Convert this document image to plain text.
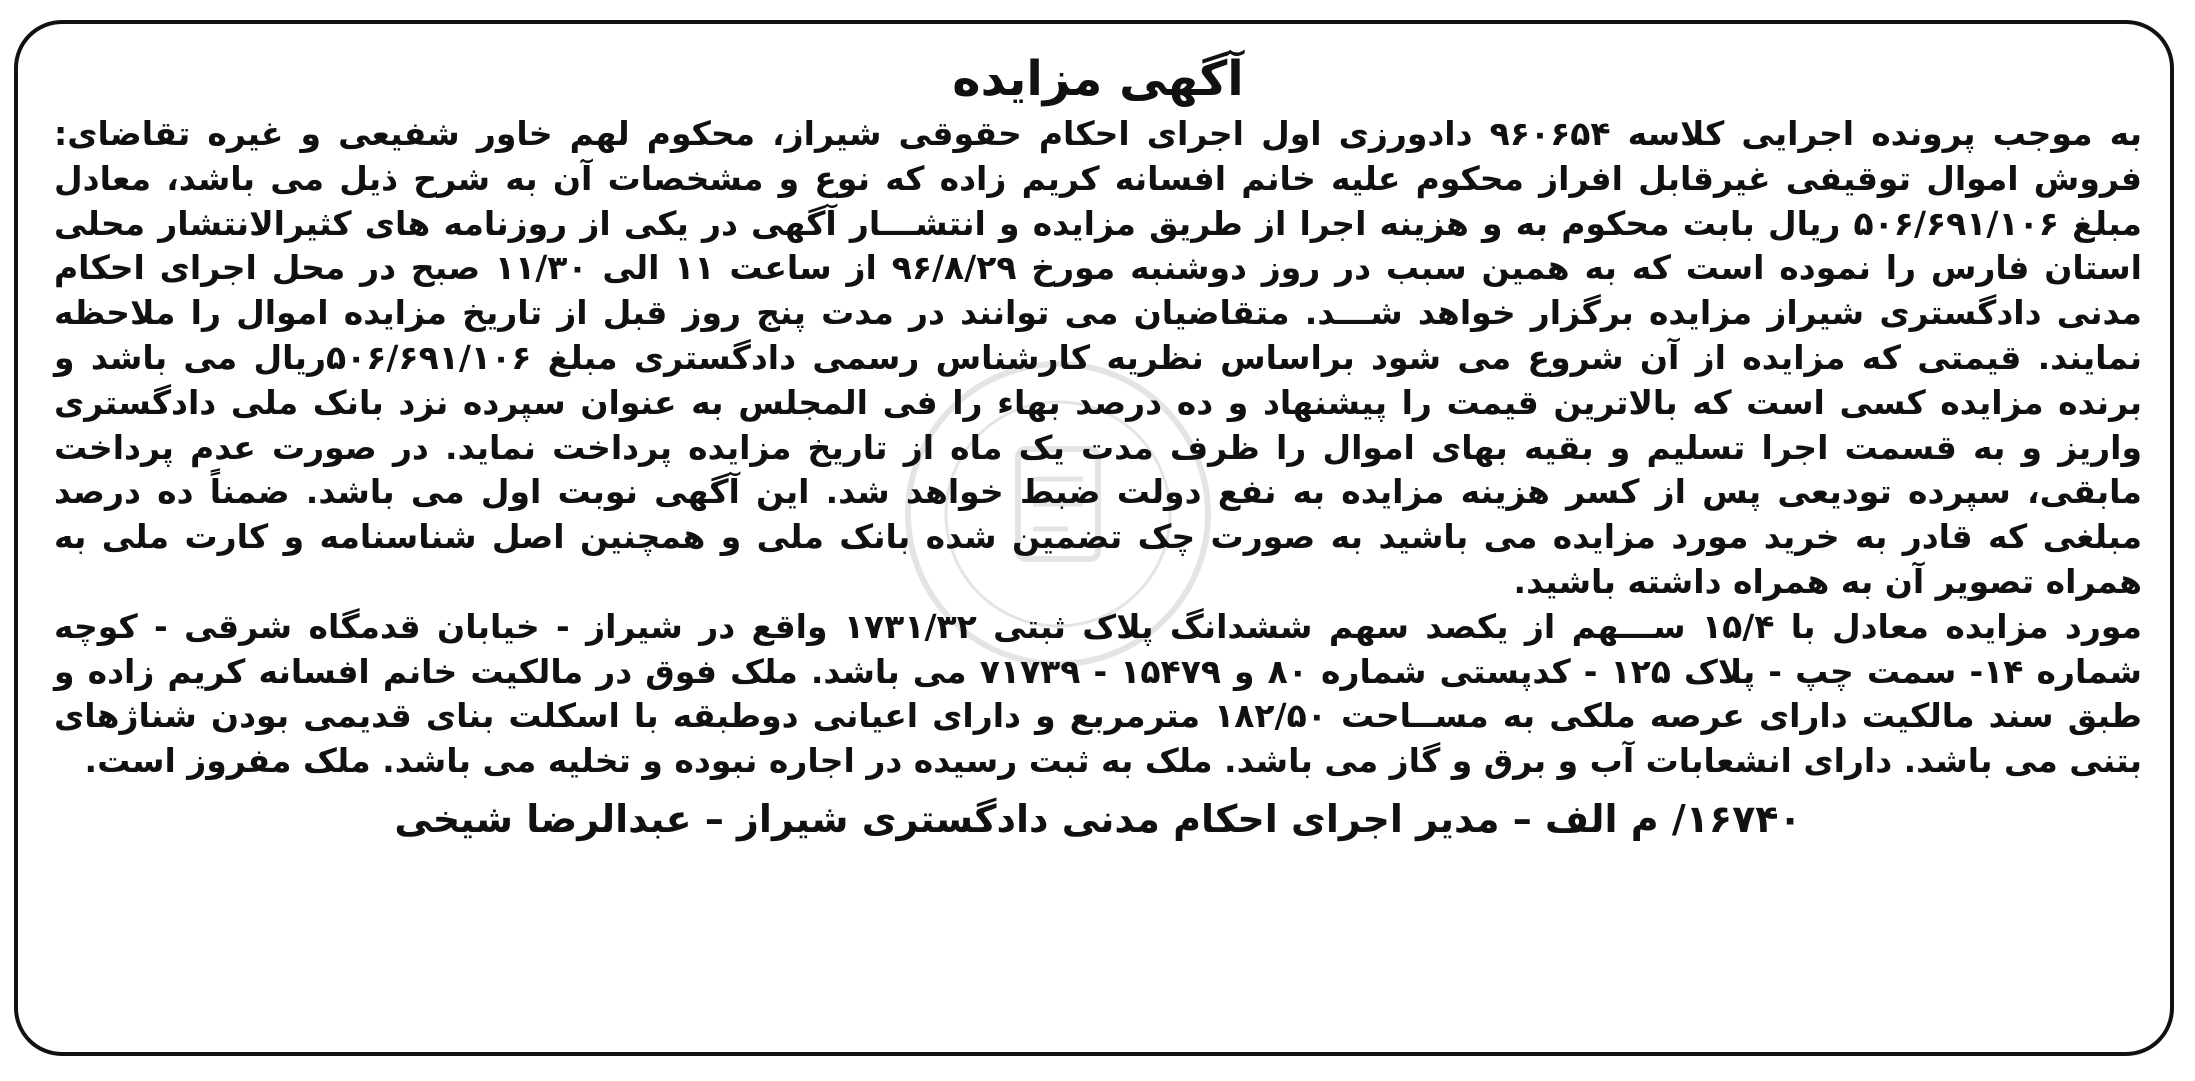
آگهی مزایده

به موجب پرونده اجرایی کلاسه ۹۶۰۶۵۴ دادورزی اول اجرای احکام حقوقی شیراز، محکوم لهم خاور شفیعی و غیره تقاضای: فروش اموال توقیفی غیرقابل افراز محکوم علیه خانم افسانه کریم زاده که نوع و مشخصات آن به شرح ذیل می باشد، معادل مبلغ ۵۰۶/۶۹۱/۱۰۶ ریال بابت محکوم به و هزینه اجرا از طریق مزایده و انتشـــار آگهی در یکی از روزنامه های کثیرالانتشار محلی استان فارس را نموده است که به همین سبب در روز دوشنبه مورخ ۹۶/۸/۲۹ از ساعت ۱۱ الی ۱۱/۳۰ صبح در محل اجرای احکام مدنی دادگستری شیراز مزایده برگزار خواهد شـــد. متقاضیان می توانند در مدت پنج روز قبل از تاریخ مزایده اموال را ملاحظه نمایند. قیمتی که مزایده از آن شروع می شود براساس نظریه کارشناس رسمی دادگستری مبلغ ۵۰۶/۶۹۱/۱۰۶ریال می باشد و برنده مزایده کسی است که بالاترین قیمت را پیشنهاد و ده درصد بهاء را فی المجلس به عنوان سپرده نزد بانک ملی دادگستری واریز و به قسمت اجرا تسلیم و بقیه بهای اموال را ظرف مدت یک ماه از تاریخ مزایده پرداخت نماید. در صورت عدم پرداخت مابقی، سپرده تودیعی پس از کسر هزینه مزایده به نفع دولت ضبط خواهد شد. این آگهی نوبت اول می باشد. ضمناً ده درصد مبلغی که قادر به خرید مورد مزایده می باشید به صورت چک تضمین شده بانک ملی و همچنین اصل شناسنامه و کارت ملی به همراه تصویر آن به همراه داشته باشید.

مورد مزایده معادل با ۱۵/۴ ســـهم از یکصد سهم ششدانگ پلاک ثبتی ۱۷۳۱/۳۲ واقع در شیراز - خیابان قدمگاه شرقی - کوچه شماره ۱۴- سمت چپ - پلاک ۱۲۵ - کدپستی شماره ۸۰ و ۱۵۴۷۹ - ۷۱۷۳۹ می باشد. ملک فوق در مالکیت خانم افسانه کریم زاده و طبق سند مالکیت دارای عرصه ملکی به مســاحت ۱۸۲/۵۰ مترمربع و دارای اعیانی دوطبقه با اسکلت بنای قدیمی بودن شناژهای بتنی می باشد. دارای انشعابات آب و برق و گاز می باشد. ملک به ثبت رسیده در اجاره نبوده و تخلیه می باشد. ملک مفروز است.

۱۶۷۴۰/ م الف – مدیر اجرای احکام مدنی دادگستری شیراز – عبدالرضا شیخی
